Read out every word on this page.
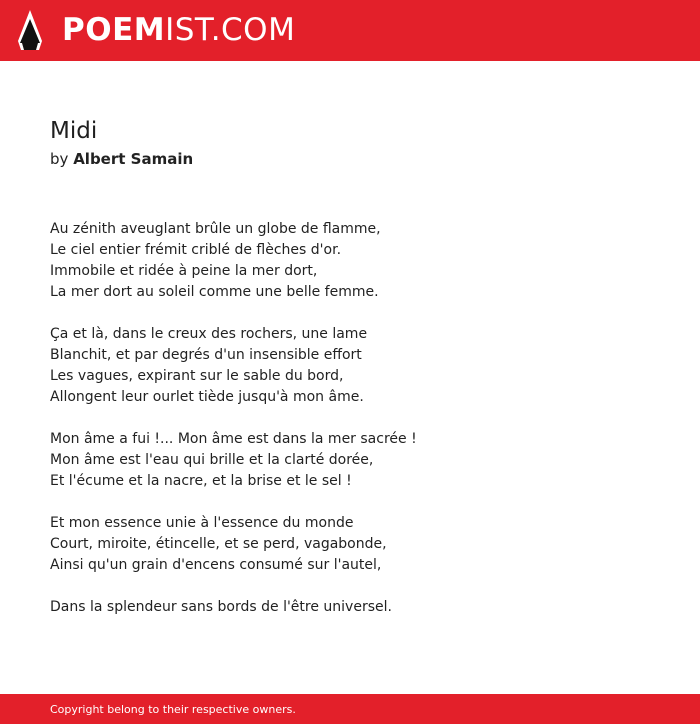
POEMIST.COM
Midi
by Albert Samain
Au zénith aveuglant brûle un globe de flamme,
Le ciel entier frémit criblé de flèches d'or.
Immobile et ridée à peine la mer dort,
La mer dort au soleil comme une belle femme.
Ça et là, dans le creux des rochers, une lame
Blanchit, et par degrés d'un insensible effort
Les vagues, expirant sur le sable du bord,
Allongent leur ourlet tiède jusqu'à mon âme.
Mon âme a fui !... Mon âme est dans la mer sacrée !
Mon âme est l'eau qui brille et la clarté dorée,
Et l'écume et la nacre, et la brise et le sel !
Et mon essence unie à l'essence du monde
Court, miroite, étincelle, et se perd, vagabonde,
Ainsi qu'un grain d'encens consumé sur l'autel,
Dans la splendeur sans bords de l'être universel.
Copyright belong to their respective owners.
